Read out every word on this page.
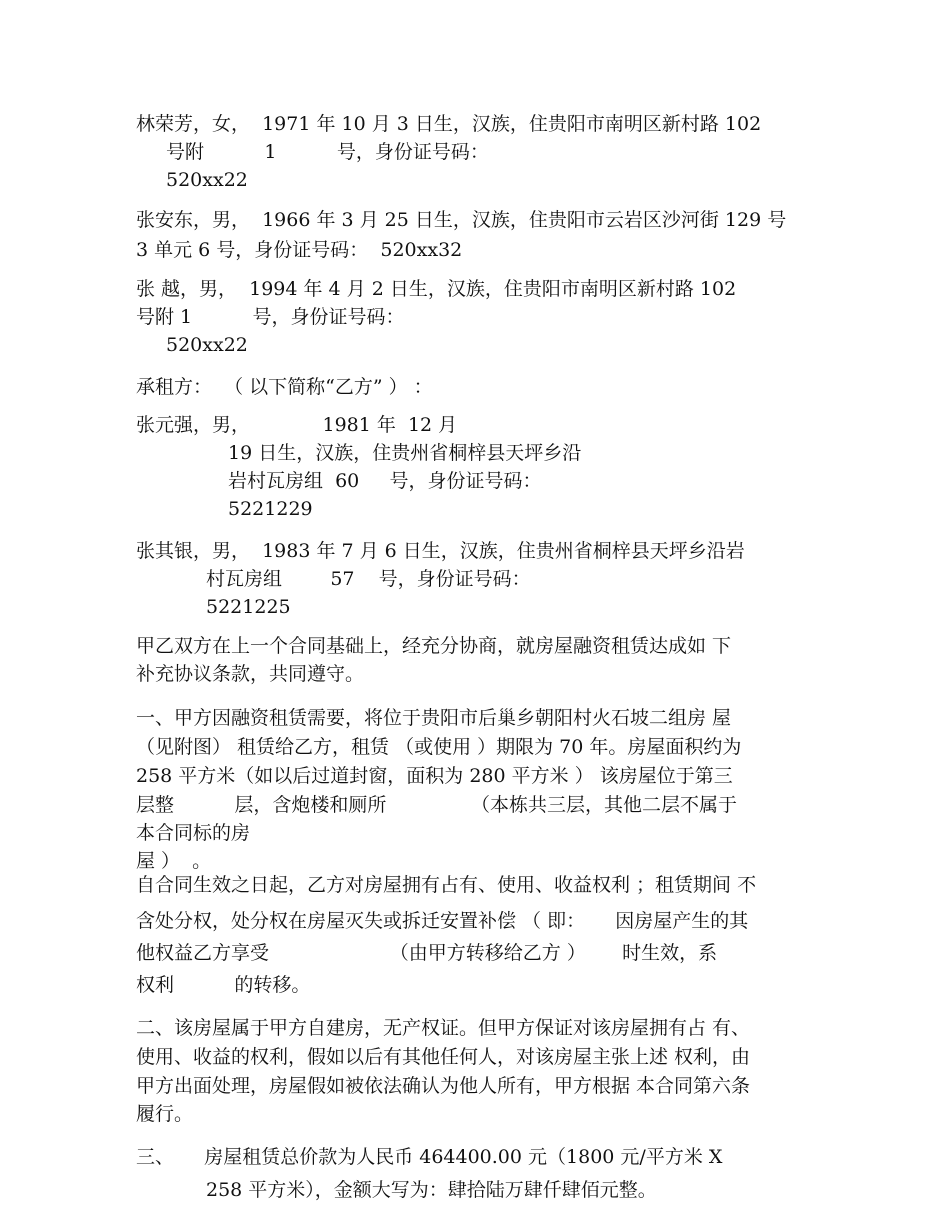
林荣芳，女，  1971 年 10 月 3 日生，汉族，住贵阳市南明区新村路 102

号附          1          号，身份证号码：

520xx22

张安东，男，  1966 年 3 月 25 日生，汉族，住贵阳市云岩区沙河街 129 号

3 单元 6 号，身份证号码：  520xx32

张 越，男，  1994 年 4 月 2 日生，汉族，住贵阳市南明区新村路 102

号附 1          号，身份证号码：

520xx22

承租方：  （ 以下简称“乙方” ） ：

张元强，男，            1981 年  12 月

19 日生，汉族，住贵州省桐梓县天坪乡沿

岩村瓦房组  60     号，身份证号码：

5221229

张其银，男，  1983 年 7 月 6 日生，汉族，住贵州省桐梓县天坪乡沿岩

村瓦房组        57    号，身份证号码：

5221225

甲乙双方在上一个合同基础上，经充分协商，就房屋融资租赁达成如 下

补充协议条款，共同遵守。

一、甲方因融资租赁需要，将位于贵阳市后巢乡朝阳村火石坡二组房 屋

（见附图） 租赁给乙方，租赁 （或使用 ）期限为 70 年。房屋面积约为

258 平方米（如以后过道封窗，面积为 280 平方米 ） 该房屋位于第三

层整          层，含炮楼和厕所              （本栋共三层，其他二层不属于

本合同标的房

屋 ）  。

自合同生效之日起，乙方对房屋拥有占有、使用、收益权利 ；租赁期间 不

含处分权，处分权在房屋灭失或拆迁安置补偿 （ 即：     因房屋产生的其

他权益乙方享受                    （由甲方转移给乙方 ）      时生效，系

权利          的转移。

二、该房屋属于甲方自建房，无产权证。但甲方保证对该房屋拥有占 有、

使用、收益的权利，假如以后有其他任何人，对该房屋主张上述 权利，由

甲方出面处理，房屋假如被依法确认为他人所有，甲方根据 本合同第六条

履行。

三、     房屋租赁总价款为人民币 464400.00 元（1800 元/平方米 X

258 平方米），金额大写为：肆拾陆万肆仟肆佰元整。
